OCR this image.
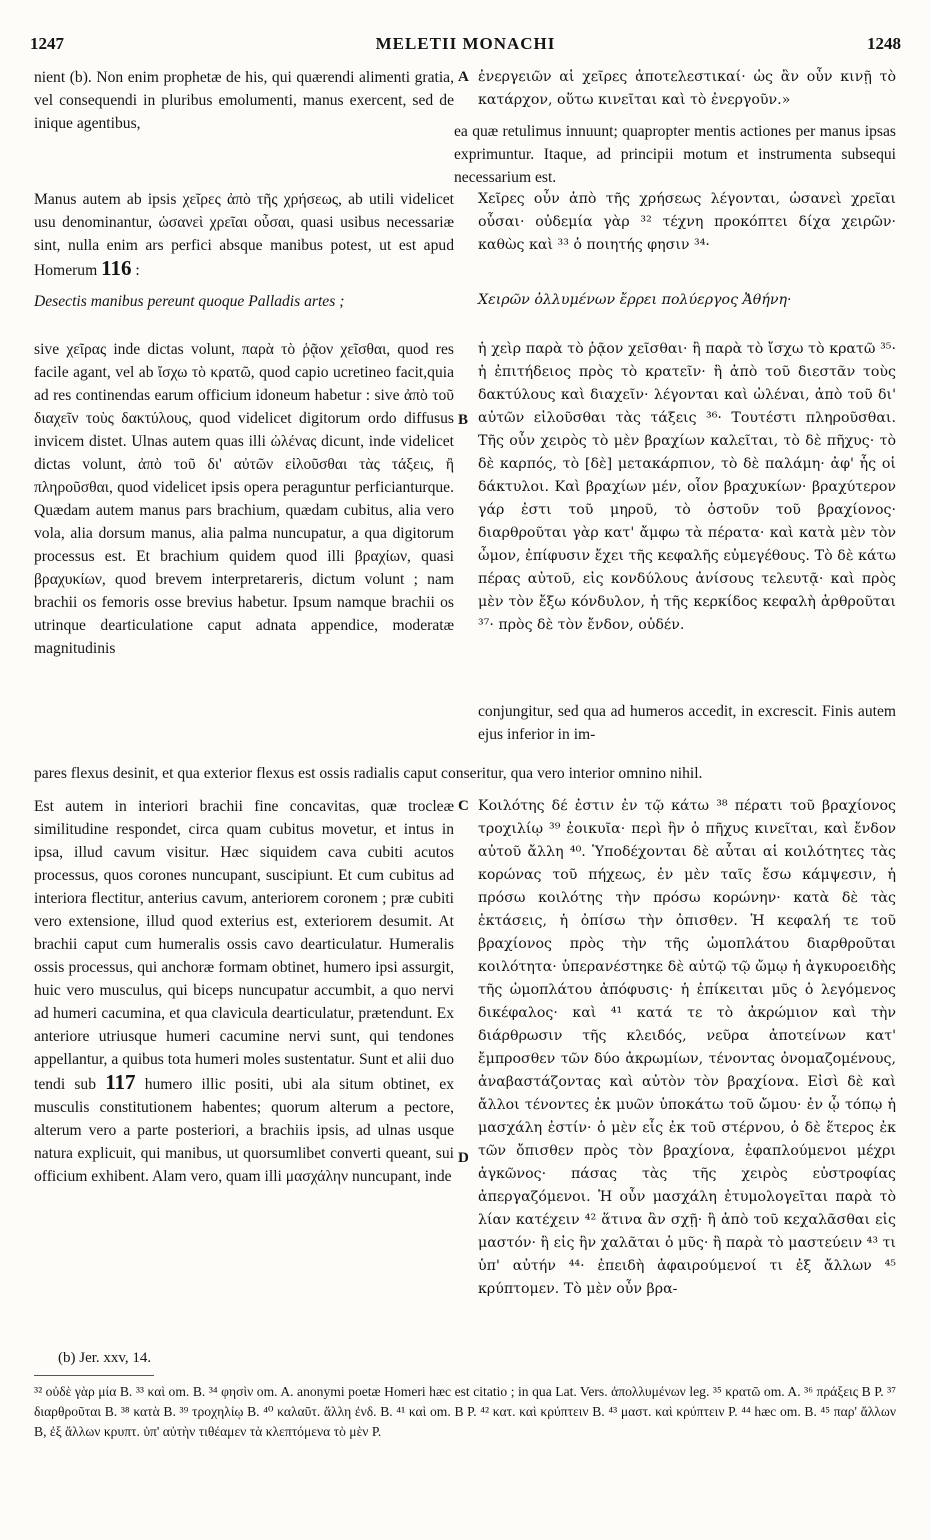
1247	MELETII MONACHI	1248

nient (b). Non enim prophetæ de his, qui quærendi alimenti gratia, vel consequendi in pluribus emolumenti, manus exercent, sed de inique agentibus,

A ἐνεργειῶν αἱ χεῖρες ἀποτελεστικαί· ὡς ἂν οὖν κινῇ τὸ κατάρχον, οὕτω κινεῖται καὶ τὸ ἐνεργοῦν.»

ea quæ retulimus innuunt; quapropter mentis actiones per manus ipsas exprimuntur. Itaque, ad principii motum et instrumenta subsequi necessarium est.

Manus autem ab ipsis χεῖρες ἀπὸ τῆς χρήσεως, ab utili videlicet usu denominantur, ὡσανεὶ χρεῖαι οὖσαι, quasi usibus necessariæ sint, nulla enim ars perfici absque manibus potest, ut est apud Homerum 116 :

Desectis manibus pereunt quoque Palladis artes ;

Χεῖρες οὖν ἀπὸ τῆς χρήσεως λέγονται, ὡσανεὶ χρεῖαι οὖσαι· οὐδεμία γὰρ ³² τέχνη προκόπτει δίχα χειρῶν· καθὼς καὶ ³³ ὁ ποιητής φησιν ³⁴·

Χειρῶν ὀλλυμένων ἔρρει πολύεργος Ἀθήνη·

sive χεῖρας inde dictas volunt, παρὰ τὸ ῥᾷον χεῖσθαι, quod res facile agant, vel ab ἴσχω τὸ κρατῶ, quod capio ucretineo facit,quia ad res continendas earum officium idoneum habetur : sive ἀπὸ τοῦ διαχεῖν τοὺς δακτύλους, quod videlicet digitorum ordo diffusus invicem distet. Ulnas autem quas illi ὠλένας dicunt, inde videlicet dictas volunt, ἀπὸ τοῦ δι' αὐτῶν εἰλοῦσθαι τὰς τάξεις, ἢ πληροῦσθαι, quod videlicet ipsis opera peraguntur perficianturque. Quædam autem manus pars brachium, quædam cubitus, alia vero vola, alia dorsum manus, alia palma nuncupatur, a qua digitorum processus est. Et brachium quidem quod illi βραχίων, quasi βραχυκίων, quod brevem interpretareris, dictum volunt ; nam brachii os femoris osse brevius habetur. Ipsum namque brachii os utrinque dearticulatione caput adnata appendice, moderatæ magnitudinis

B

ἡ χεὶρ παρὰ τὸ ῥᾷον χεῖσθαι· ἢ παρὰ τὸ ἴσχω τὸ κρατῶ ³⁵· ἡ ἐπιτήδειος πρὸς τὸ κρατεῖν· ἢ ἀπὸ τοῦ διεστᾶν τοὺς δακτύλους καὶ διαχεῖν· λέγονται καὶ ὠλέναι, ἀπὸ τοῦ δι' αὐτῶν εἰλοῦσθαι τὰς τάξεις ³⁶· Τουτέστι πληροῦσθαι. Τῆς οὖν χειρὸς τὸ μὲν βραχίων καλεῖται, τὸ δὲ πῆχυς· τὸ δὲ καρπός, τὸ [δὲ] μετακάρπιον, τὸ δὲ παλάμη· ἀφ' ἧς οἱ δάκτυλοι. Καὶ βραχίων μέν, οἷον βραχυκίων· βραχύτερον γάρ ἐστι τοῦ μηροῦ, τὸ ὀστοῦν τοῦ βραχίονος· διαρθροῦται γὰρ κατ' ἄμφω τὰ πέρατα· καὶ κατὰ μὲν τὸν ὦμον, ἐπίφυσιν ἔχει τῆς κεφαλῆς εὐμεγέθους. Τὸ δὲ κάτω πέρας αὐτοῦ, εἰς κονδύλους ἀνίσους τελευτᾷ· καὶ πρὸς μὲν τὸν ἔξω κόνδυλον, ἡ τῆς κερκίδος κεφαλὴ ἀρθροῦται ³⁷· πρὸς δὲ τὸν ἔνδον, οὐδέν.

conjungitur, sed qua ad humeros accedit, in excrescit. Finis autem ejus inferior in im-

pares flexus desinit, et qua exterior flexus est ossis radialis caput conseritur, qua vero interior omnino nihil.

Est autem in interiori brachii fine concavitas, quæ trocleæ similitudine respondet, circa quam cubitus movetur, et intus in ipsa, illud cavum visitur. Hæc siquidem cava cubiti acutos processus, quos corones nuncupant, suscipiunt. Et cum cubitus ad interiora flectitur, anterius cavum, anteriorem coronem ; præ cubiti vero extensione, illud quod exterius est, exteriorem desumit. At brachii caput cum humeralis ossis cavo dearticulatur. Humeralis ossis processus, qui anchoræ formam obtinet, humero ipsi assurgit, huic vero musculus, qui biceps nuncupatur accumbit, a quo nervi ad humeri cacumina, et qua clavicula dearticulatur, prætendunt. Ex anteriore utriusque humeri cacumine nervi sunt, qui tendones appellantur, a quibus tota humeri moles sustentatur. Sunt et alii duo tendi sub 117 humero illic positi, ubi ala situm obtinet, ex musculis constitutionem habentes; quorum alterum a pectore, alterum vero a parte posteriori, a brachiis ipsis, ad ulnas usque natura explicuit, qui manibus, ut quorsumlibet converti queant, sui officium exhibent. Alam vero, quam illi μασχάλην nuncupant, inde

C
D

Κοιλότης δέ ἐστιν ἐν τῷ κάτω ³⁸ πέρατι τοῦ βραχίονος τροχιλίῳ ³⁹ ἐοικυῖα· περὶ ἣν ὁ πῆχυς κινεῖται, καὶ ἔνδον αὐτοῦ ἄλλη ⁴⁰. Ὑποδέχονται δὲ αὗται αἱ κοιλότητες τὰς κορώνας τοῦ πήχεως, ἐν μὲν ταῖς ἔσω κάμψεσιν, ἡ πρόσω κοιλότης τὴν πρόσω κορώνην· κατὰ δὲ τὰς ἐκτάσεις, ἡ ὀπίσω τὴν ὀπισθεν. Ἡ κεφαλή τε τοῦ βραχίονος πρὸς τὴν τῆς ὠμοπλάτου διαρθροῦται κοιλότητα· ὑπερανέστηκε δὲ αὐτῷ τῷ ὤμῳ ἡ ἀγκυροειδὴς τῆς ὠμοπλάτου ἀπόφυσις· ἡ ἐπίκειται μῦς ὁ λεγόμενος δικέφαλος· καὶ ⁴¹ κατά τε τὸ ἀκρώμιον καὶ τὴν διάρθρωσιν τῆς κλειδός, νεῦρα ἀποτείνων κατ' ἔμπροσθεν τῶν δύο ἀκρωμίων, τένοντας ὀνομαζομένους, ἀναβαστάζοντας καὶ αὐτὸν τὸν βραχίονα. Εἰσὶ δὲ καὶ ἄλλοι τένοντες ἐκ μυῶν ὑποκάτω τοῦ ὤμου· ἐν ᾧ τόπῳ ἡ μασχάλη ἐστίν· ὁ μὲν εἷς ἐκ τοῦ στέρνου, ὁ δὲ ἕτερος ἐκ τῶν ὄπισθεν πρὸς τὸν βραχίονα, ἐφαπλούμενοι μέχρι ἀγκῶνος· πάσας τὰς τῆς χειρὸς εὐστροφίας ἀπεργαζόμενοι. Ἡ οὖν μασχάλη ἐτυμολογεῖται παρὰ τὸ λίαν κατέχειν ⁴² ἅτινα ἂν σχῇ· ἢ ἀπὸ τοῦ κεχαλᾶσθαι εἰς μαστόν· ἢ εἰς ἣν χαλᾶται ὁ μῦς· ἢ παρὰ τὸ μαστεύειν ⁴³ τι ὑπ' αὐτήν ⁴⁴· ἐπειδὴ ἀφαιρούμενοί τι ἐξ ἄλλων ⁴⁵ κρύπτομεν. Τὸ μὲν οὖν βρα-

(b) Jer. xxv, 14.
³² οὐδὲ γὰρ μία B. ³³ καὶ om. B. ³⁴ φησὶν om. A. anonymi poetæ Homeri hæc est citatio ; in qua Lat. Vers. ἀπολλυμένων leg. ³⁵ κρατῶ om. A. ³⁶ πράξεις B P. ³⁷ διαρθροῦται B. ³⁸ κατὰ B. ³⁹ τροχηλίῳ B. ⁴⁰ καλαῦτ. ἄλλη ἐνδ. B. ⁴¹ καὶ om. B P. ⁴² κατ. καὶ κρύπτειν B. ⁴³ μαστ. καὶ κρύπτειν P. ⁴⁴ hæc om. B. ⁴⁵ παρ' ἄλλων B, ἐξ ἄλλων κρυπτ. ὑπ' αὐτὴν τιθέαμεν τὰ κλεπτόμενα τὸ μὲν P.
